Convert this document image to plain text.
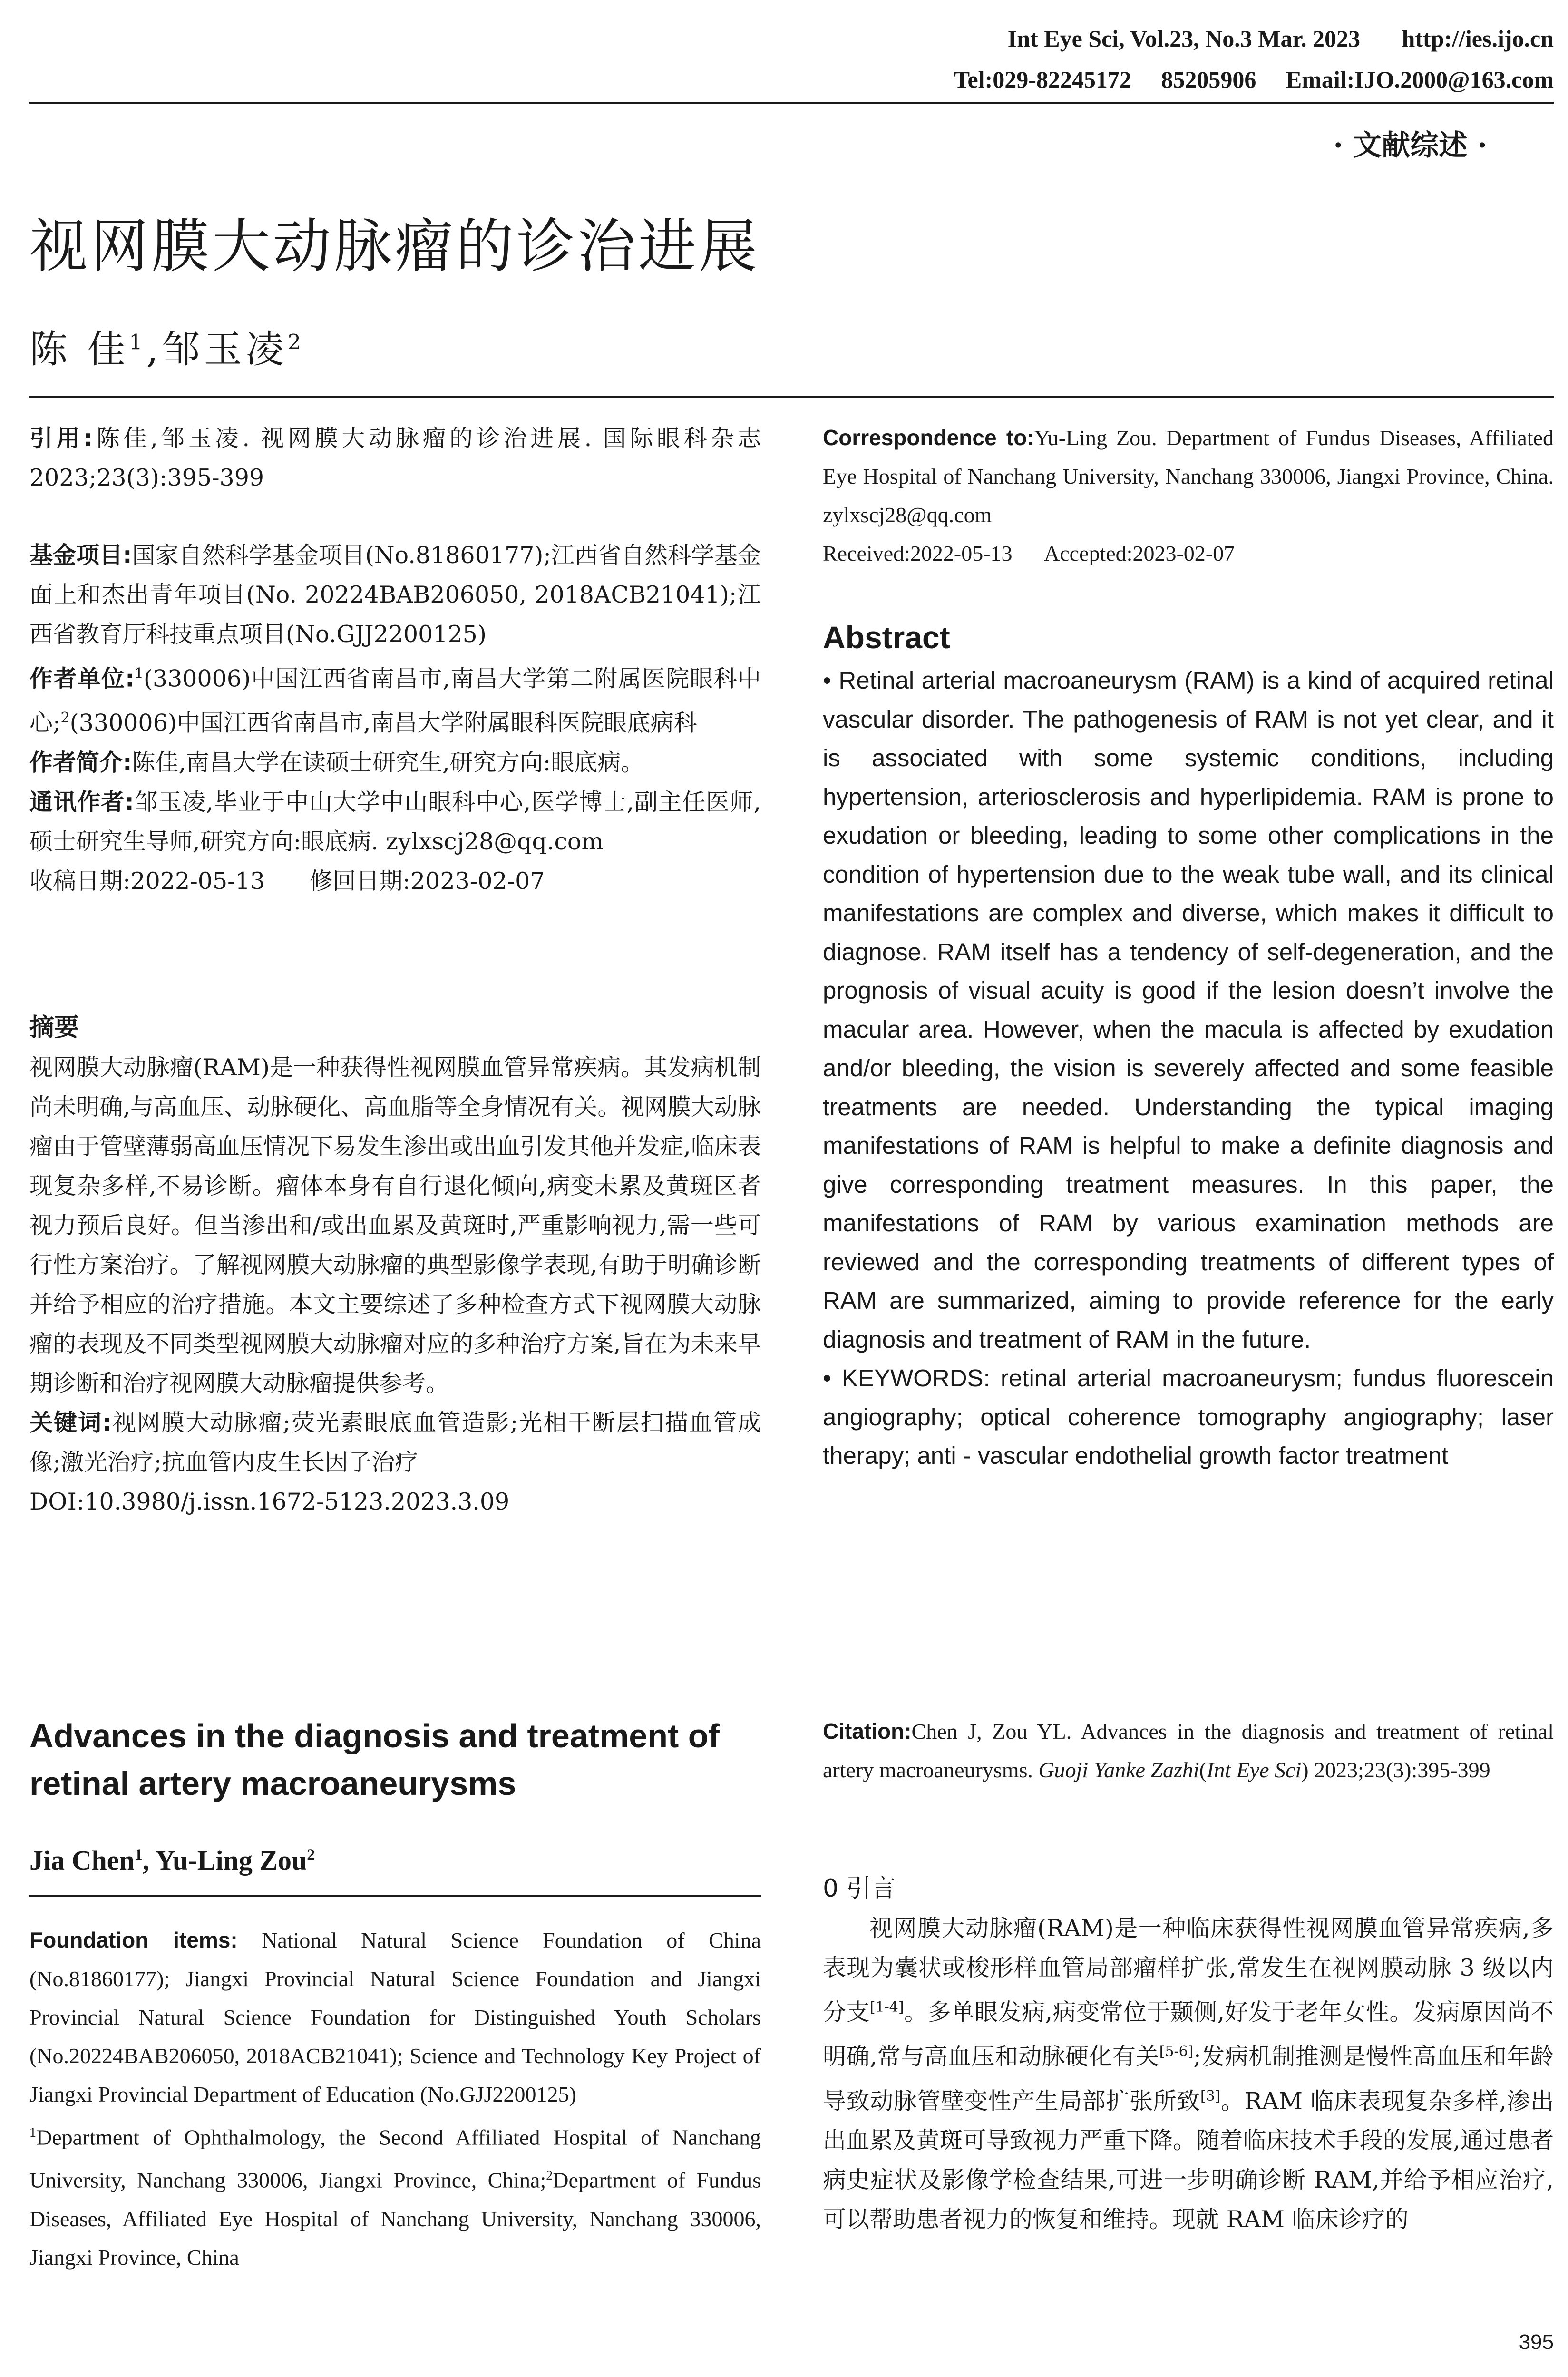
Int Eye Sci, Vol.23, No.3 Mar. 2023       http://ies.ijo.cn
Tel:029-82245172     85205906     Email:IJO.2000@163.com
· 文献综述 ·
视网膜大动脉瘤的诊治进展
陈 佳$^1$,邹玉凌$^2$
引用:陈佳,邹玉凌. 视网膜大动脉瘤的诊治进展. 国际眼科杂志 2023;23(3):395-399
基金项目:国家自然科学基金项目(No.81860177);江西省自然科学基金面上和杰出青年项目(No. 20224BAB206050, 2018ACB21041);江西省教育厅科技重点项目(No.GJJ2200125)
作者单位:$^1$(330006)中国江西省南昌市,南昌大学第二附属医院眼科中心;$^2$(330006)中国江西省南昌市,南昌大学附属眼科医院眼底病科
作者简介:陈佳,南昌大学在读硕士研究生,研究方向:眼底病。
通讯作者:邹玉凌,毕业于中山大学中山眼科中心,医学博士,副主任医师,硕士研究生导师,研究方向:眼底病. zylxscj28@qq.com
收稿日期:2022-05-13      修回日期:2023-02-07
摘要
视网膜大动脉瘤(RAM)是一种获得性视网膜血管异常疾病。其发病机制尚未明确,与高血压、动脉硬化、高血脂等全身情况有关。视网膜大动脉瘤由于管壁薄弱高血压情况下易发生渗出或出血引发其他并发症,临床表现复杂多样,不易诊断。瘤体本身有自行退化倾向,病变未累及黄斑区者视力预后良好。但当渗出和/或出血累及黄斑时,严重影响视力,需一些可行性方案治疗。了解视网膜大动脉瘤的典型影像学表现,有助于明确诊断并给予相应的治疗措施。本文主要综述了多种检查方式下视网膜大动脉瘤的表现及不同类型视网膜大动脉瘤对应的多种治疗方案,旨在为未来早期诊断和治疗视网膜大动脉瘤提供参考。
关键词:视网膜大动脉瘤;荧光素眼底血管造影;光相干断层扫描血管成像;激光治疗;抗血管内皮生长因子治疗
DOI:10.3980/j.issn.1672-5123.2023.3.09
Advances in the diagnosis and treatment of retinal artery macroaneurysms
Jia Chen$^1$, Yu-Ling Zou$^2$
Foundation items: National Natural Science Foundation of China (No.81860177); Jiangxi Provincial Natural Science Foundation and Jiangxi Provincial Natural Science Foundation for Distinguished Youth Scholars (No.20224BAB206050, 2018ACB21041); Science and Technology Key Project of Jiangxi Provincial Department of Education (No.GJJ2200125)
$^1$Department of Ophthalmology, the Second Affiliated Hospital of Nanchang University, Nanchang 330006, Jiangxi Province, China;$^2$Department of Fundus Diseases, Affiliated Eye Hospital of Nanchang University, Nanchang 330006, Jiangxi Province, China
Correspondence to:Yu-Ling Zou. Department of Fundus Diseases, Affiliated Eye Hospital of Nanchang University, Nanchang 330006, Jiangxi Province, China. zylxscj28@qq.com
Received:2022-05-13      Accepted:2023-02-07
Abstract
• Retinal arterial macroaneurysm (RAM) is a kind of acquired retinal vascular disorder. The pathogenesis of RAM is not yet clear, and it is associated with some systemic conditions, including hypertension, arteriosclerosis and hyperlipidemia. RAM is prone to exudation or bleeding, leading to some other complications in the condition of hypertension due to the weak tube wall, and its clinical manifestations are complex and diverse, which makes it difficult to diagnose. RAM itself has a tendency of self-degeneration, and the prognosis of visual acuity is good if the lesion doesn’t involve the macular area. However, when the macula is affected by exudation and/or bleeding, the vision is severely affected and some feasible treatments are needed. Understanding the typical imaging manifestations of RAM is helpful to make a definite diagnosis and give corresponding treatment measures. In this paper, the manifestations of RAM by various examination methods are reviewed and the corresponding treatments of different types of RAM are summarized, aiming to provide reference for the early diagnosis and treatment of RAM in the future.
• KEYWORDS: retinal arterial macroaneurysm; fundus fluorescein angiography; optical coherence tomography angiography; laser therapy; anti - vascular endothelial growth factor treatment
Citation:Chen J, Zou YL. Advances in the diagnosis and treatment of retinal artery macroaneurysms. Guoji Yanke Zazhi(Int Eye Sci) 2023;23(3):395-399
0 引言
视网膜大动脉瘤(RAM)是一种临床获得性视网膜血管异常疾病,多表现为囊状或梭形样血管局部瘤样扩张,常发生在视网膜动脉 3 级以内分支[1-4]。多单眼发病,病变常位于颞侧,好发于老年女性。发病原因尚不明确,常与高血压和动脉硬化有关[5-6];发病机制推测是慢性高血压和年龄导致动脉管壁变性产生局部扩张所致[3]。RAM 临床表现复杂多样,渗出出血累及黄斑可导致视力严重下降。随着临床技术手段的发展,通过患者病史症状及影像学检查结果,可进一步明确诊断 RAM,并给予相应治疗,可以帮助患者视力的恢复和维持。现就 RAM 临床诊疗的
395
